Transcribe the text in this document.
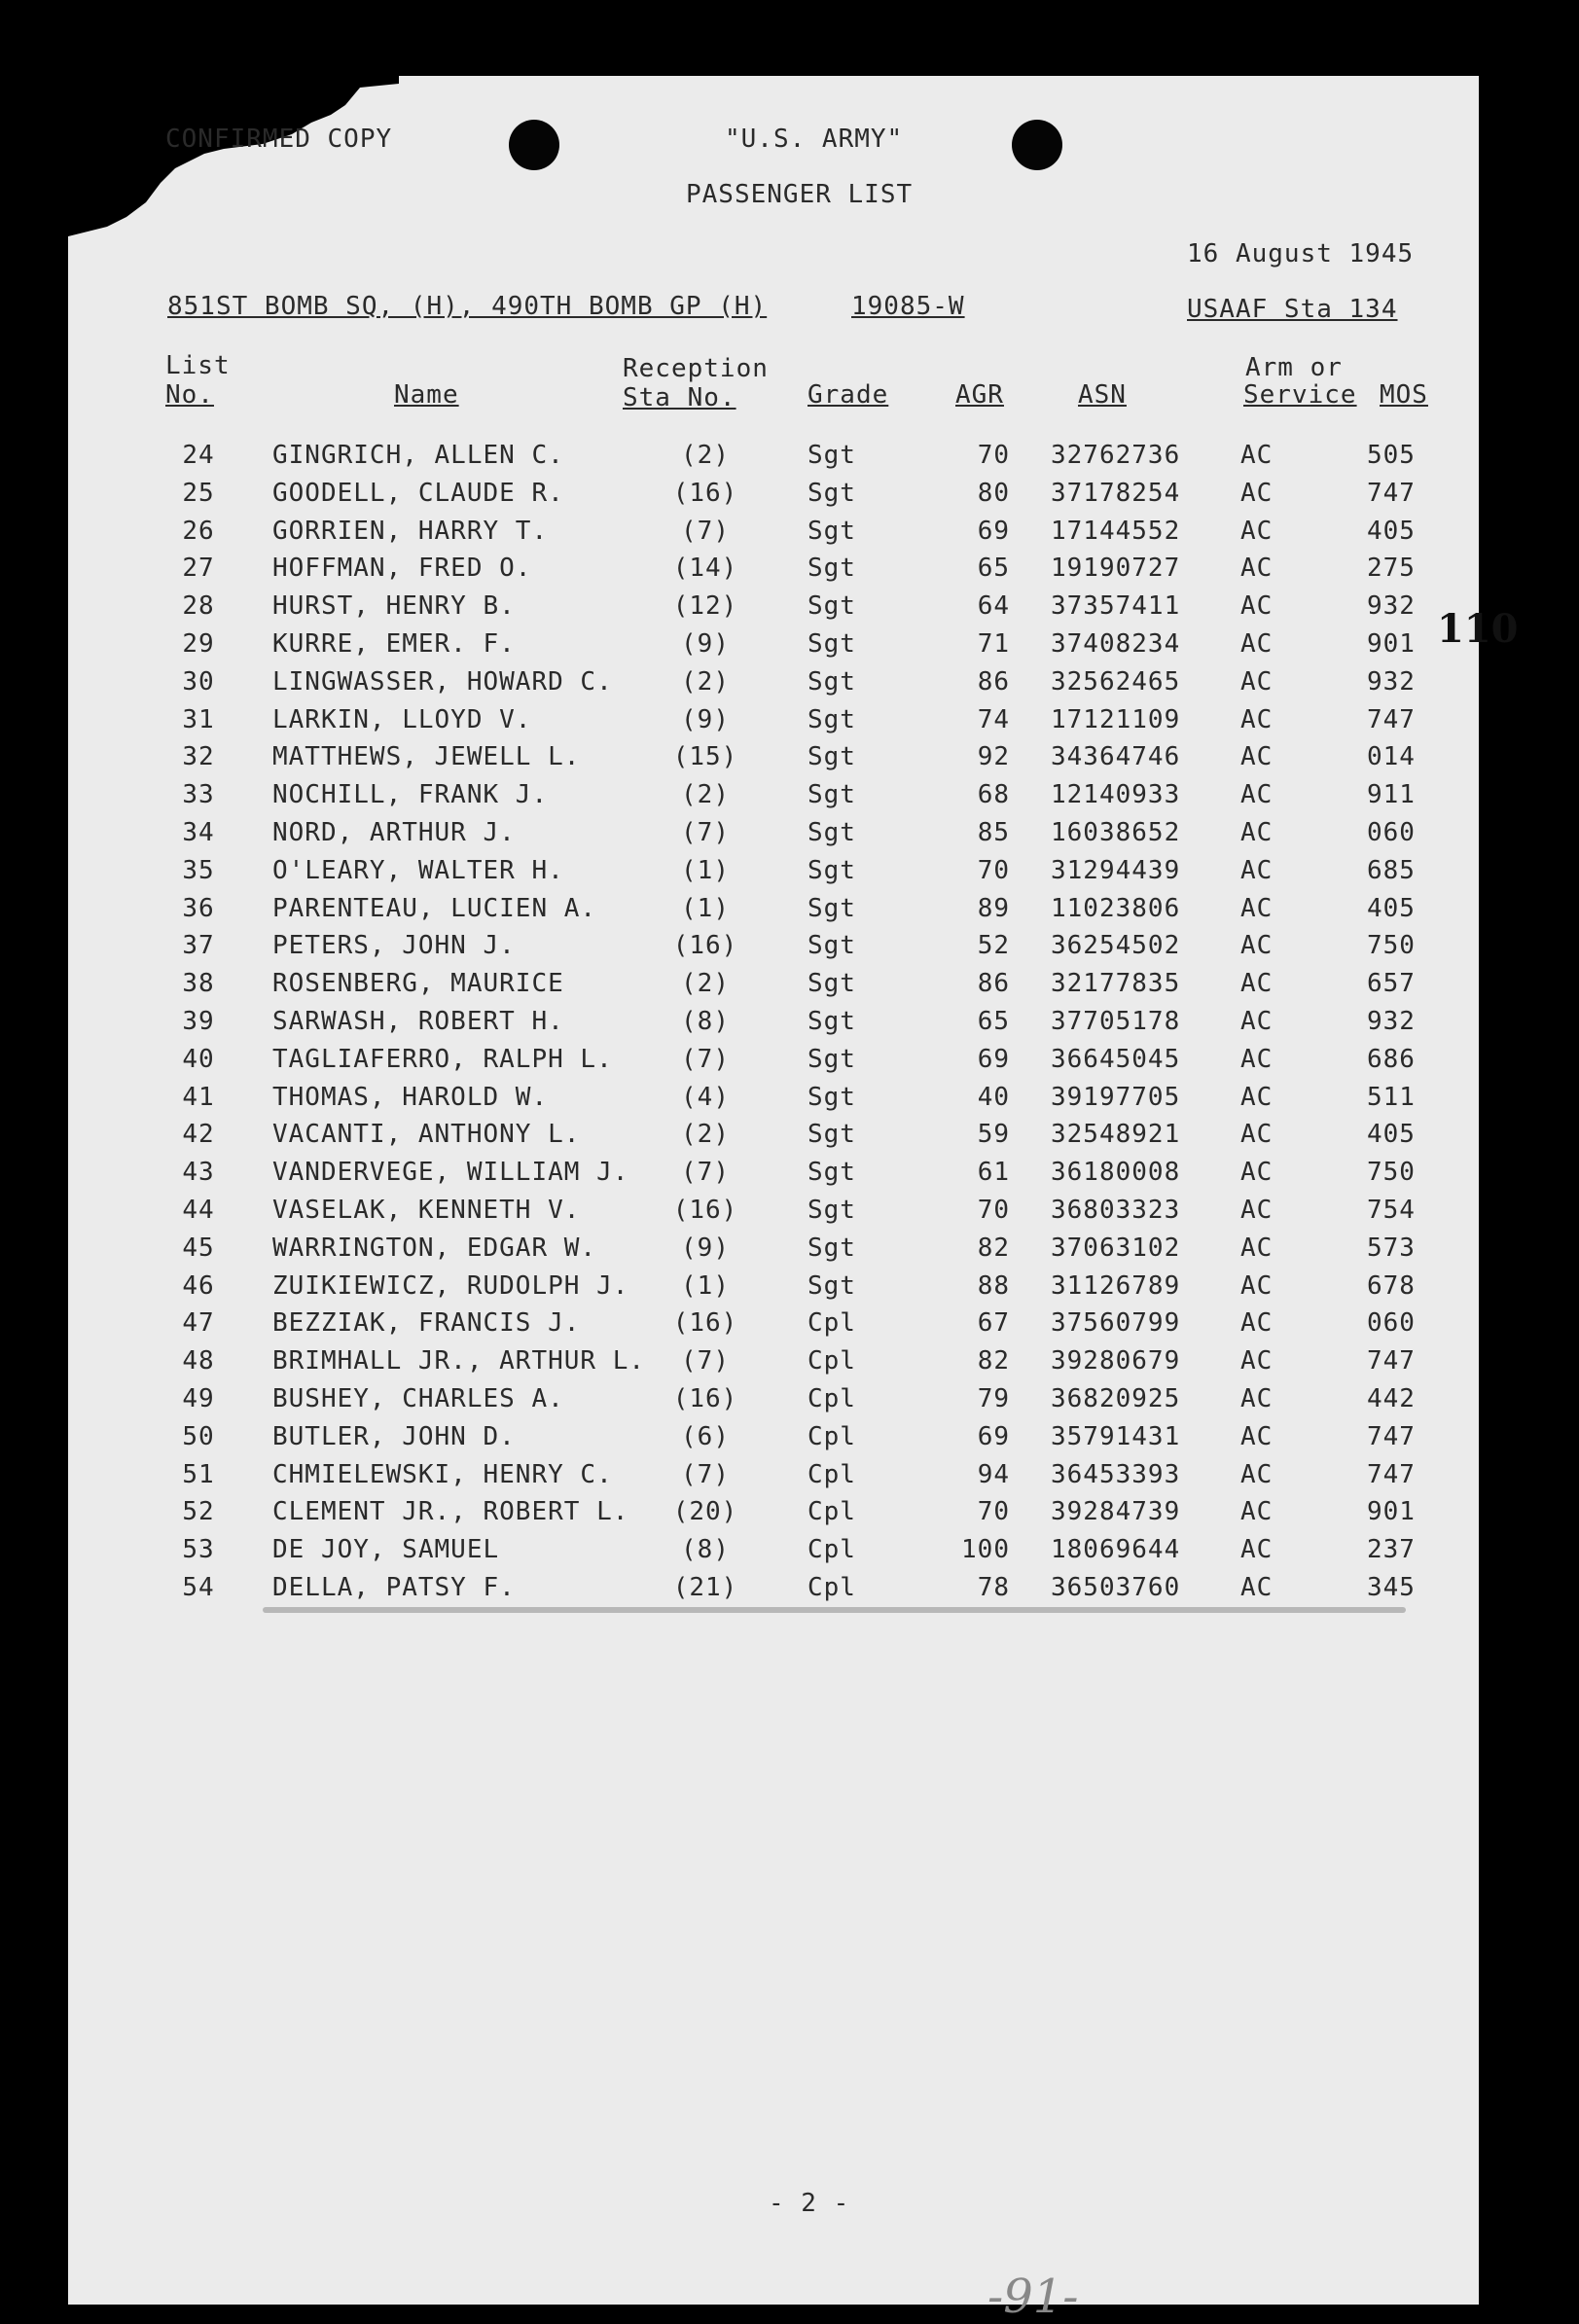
CONFIRMED COPY	"U.S. ARMY"
PASSENGER LIST
16 August 1945
851ST BOMB SQ, (H), 490TH BOMB GP (H)	19085-W	USAAF Sta 134
List
No.	Name
Reception
Sta No.	Grade	AGR	ASN
Arm or
Service MOS
24 GINGRICH, ALLEN C.	(2)	Sgt	70 32762736 AC	505
25 GOODELL, CLAUDE R.	(16)	Sgt	80 37178254 AC	747
26 GORRIEN, HARRY T.	(7)	Sgt	69 17144552 AC	405
27 HOFFMAN, FRED O.	(14)	Sgt	65 19190727 AC	275
28 HURST, HENRY B.	(12)	Sgt	64 37357411 AC	932
29 KURRE, EMER. F.	(9)	Sgt	71 37408234 AC	901
30 LINGWASSER, HOWARD C.	(2)	Sgt	86 32562465 AC	932
31 LARKIN, LLOYD V.	(9)	Sgt	74 17121109 AC	747
32 MATTHEWS, JEWELL L.	(15)	Sgt	92 34364746 AC	014
33 NOCHILL, FRANK J.	(2)	Sgt	68 12140933 AC	911
34 NORD, ARTHUR J.	(7)	Sgt	85 16038652 AC	060
35 O'LEARY, WALTER H.	(1)	Sgt	70 31294439 AC	685
36 PARENTEAU, LUCIEN A.	(1)	Sgt	89 11023806 AC	405
37 PETERS, JOHN J.	(16)	Sgt	52 36254502 AC	750
38 ROSENBERG, MAURICE	(2)	Sgt	86 32177835 AC	657
39 SARWASH, ROBERT H.	(8)	Sgt	65 37705178 AC	932
40 TAGLIAFERRO, RALPH L.	(7)	Sgt	69 36645045 AC	686
41 THOMAS, HAROLD W.	(4)	Sgt	40 39197705 AC	511
42 VACANTI, ANTHONY L.	(2)	Sgt	59 32548921 AC	405
43 VANDERVEGE, WILLIAM J.	(7)	Sgt	61 36180008 AC	750
44 VASELAK, KENNETH V.	(16)	Sgt	70 36803323 AC	754
45 WARRINGTON, EDGAR W.	(9)	Sgt	82 37063102 AC	573
46 ZUIKIEWICZ, RUDOLPH J.	(1)	Sgt	88 31126789 AC	678
47 BEZZIAK, FRANCIS J.	(16)	Cpl	67 37560799 AC	060
48 BRIMHALL JR., ARTHUR L.	(7)	Cpl	82 39280679 AC	747
49 BUSHEY, CHARLES A.	(16)	Cpl	79 36820925 AC	442
50 BUTLER, JOHN D.	(6)	Cpl	69 35791431 AC	747
51 CHMIELEWSKI, HENRY C.	(7)	Cpl	94 36453393 AC	747
52 CLEMENT JR., ROBERT L.	(20)	Cpl	70 39284739 AC	901
53 DE JOY, SAMUEL	(8)	Cpl	100 18069644 AC	237
54 DELLA, PATSY F.	(21)	Cpl	78 36503760 AC	345
110
- 2 -
-91-
